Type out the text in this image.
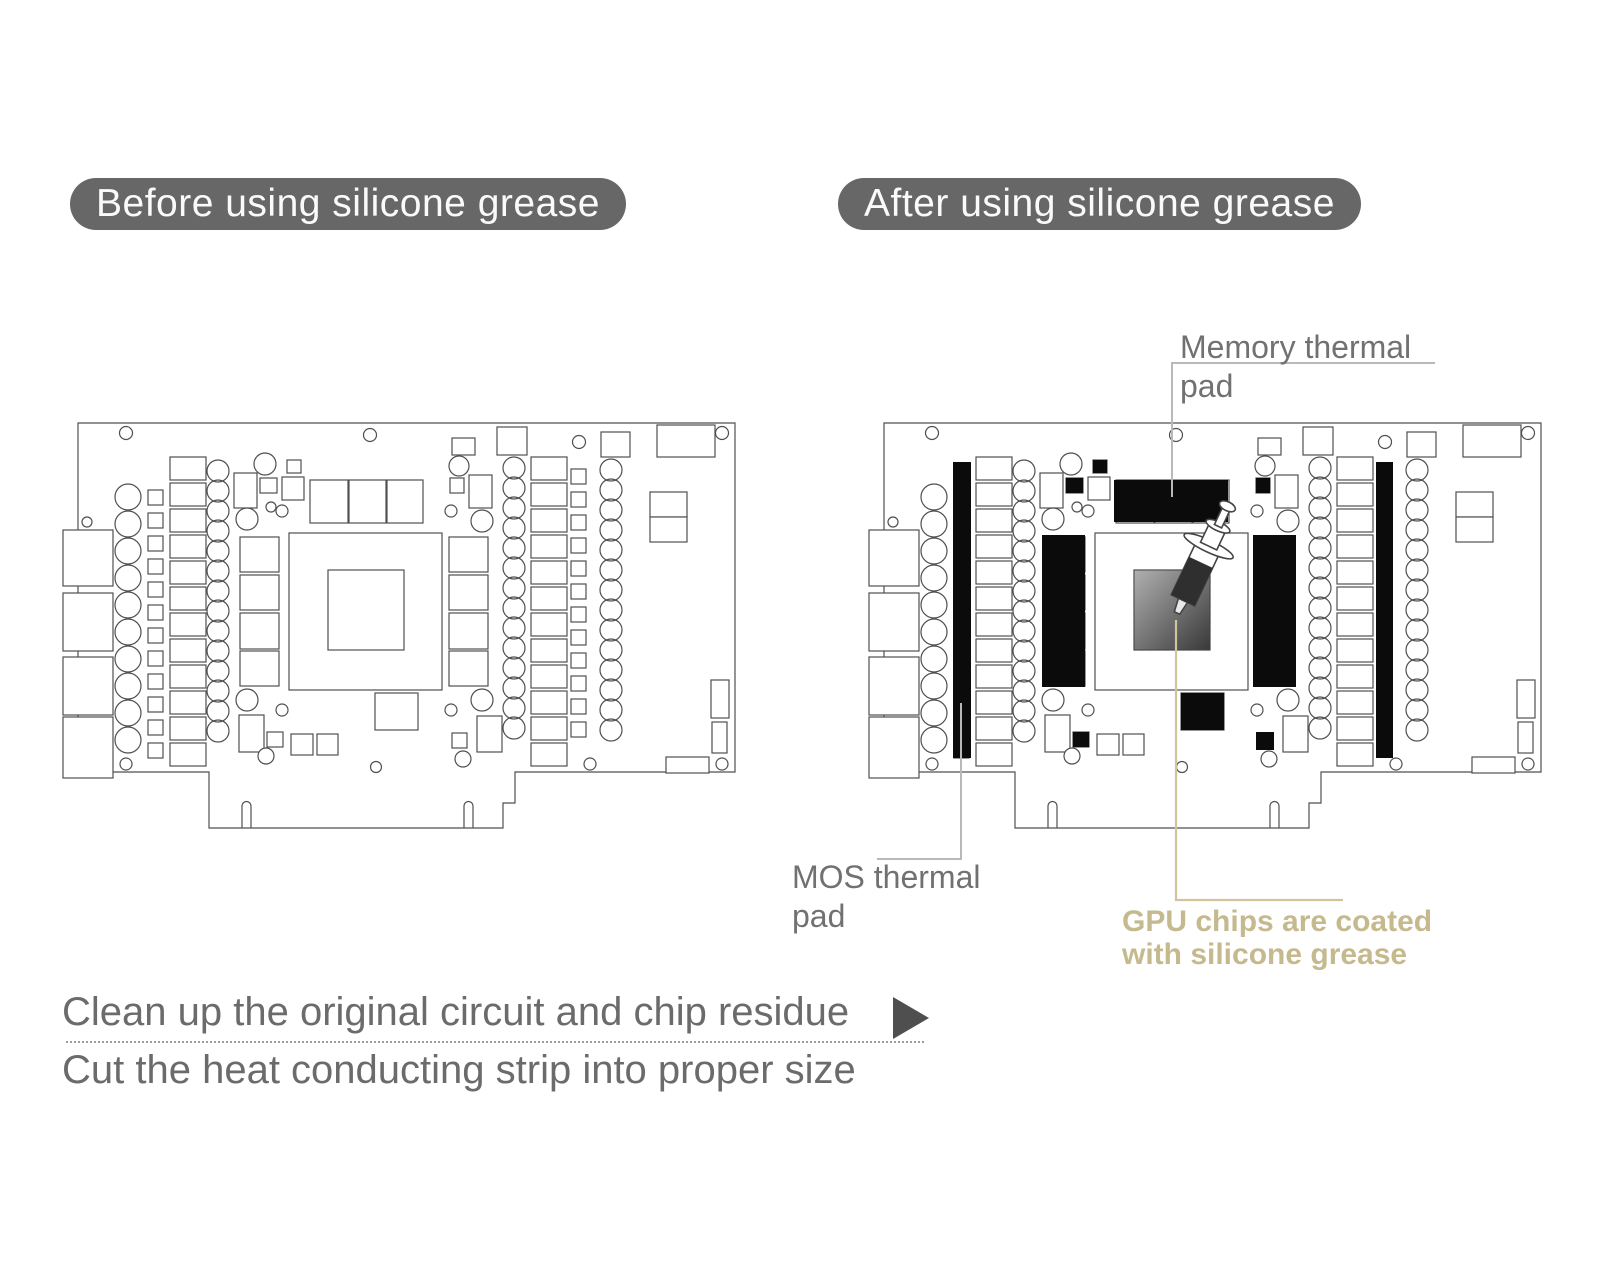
Before using silicone grease	After using silicone grease
Memory thermal
pad
MOS thermal
pad	GPU chips are coated
with silicone grease
Clean up the original circuit and chip residue
Cut the heat conducting strip into proper size
